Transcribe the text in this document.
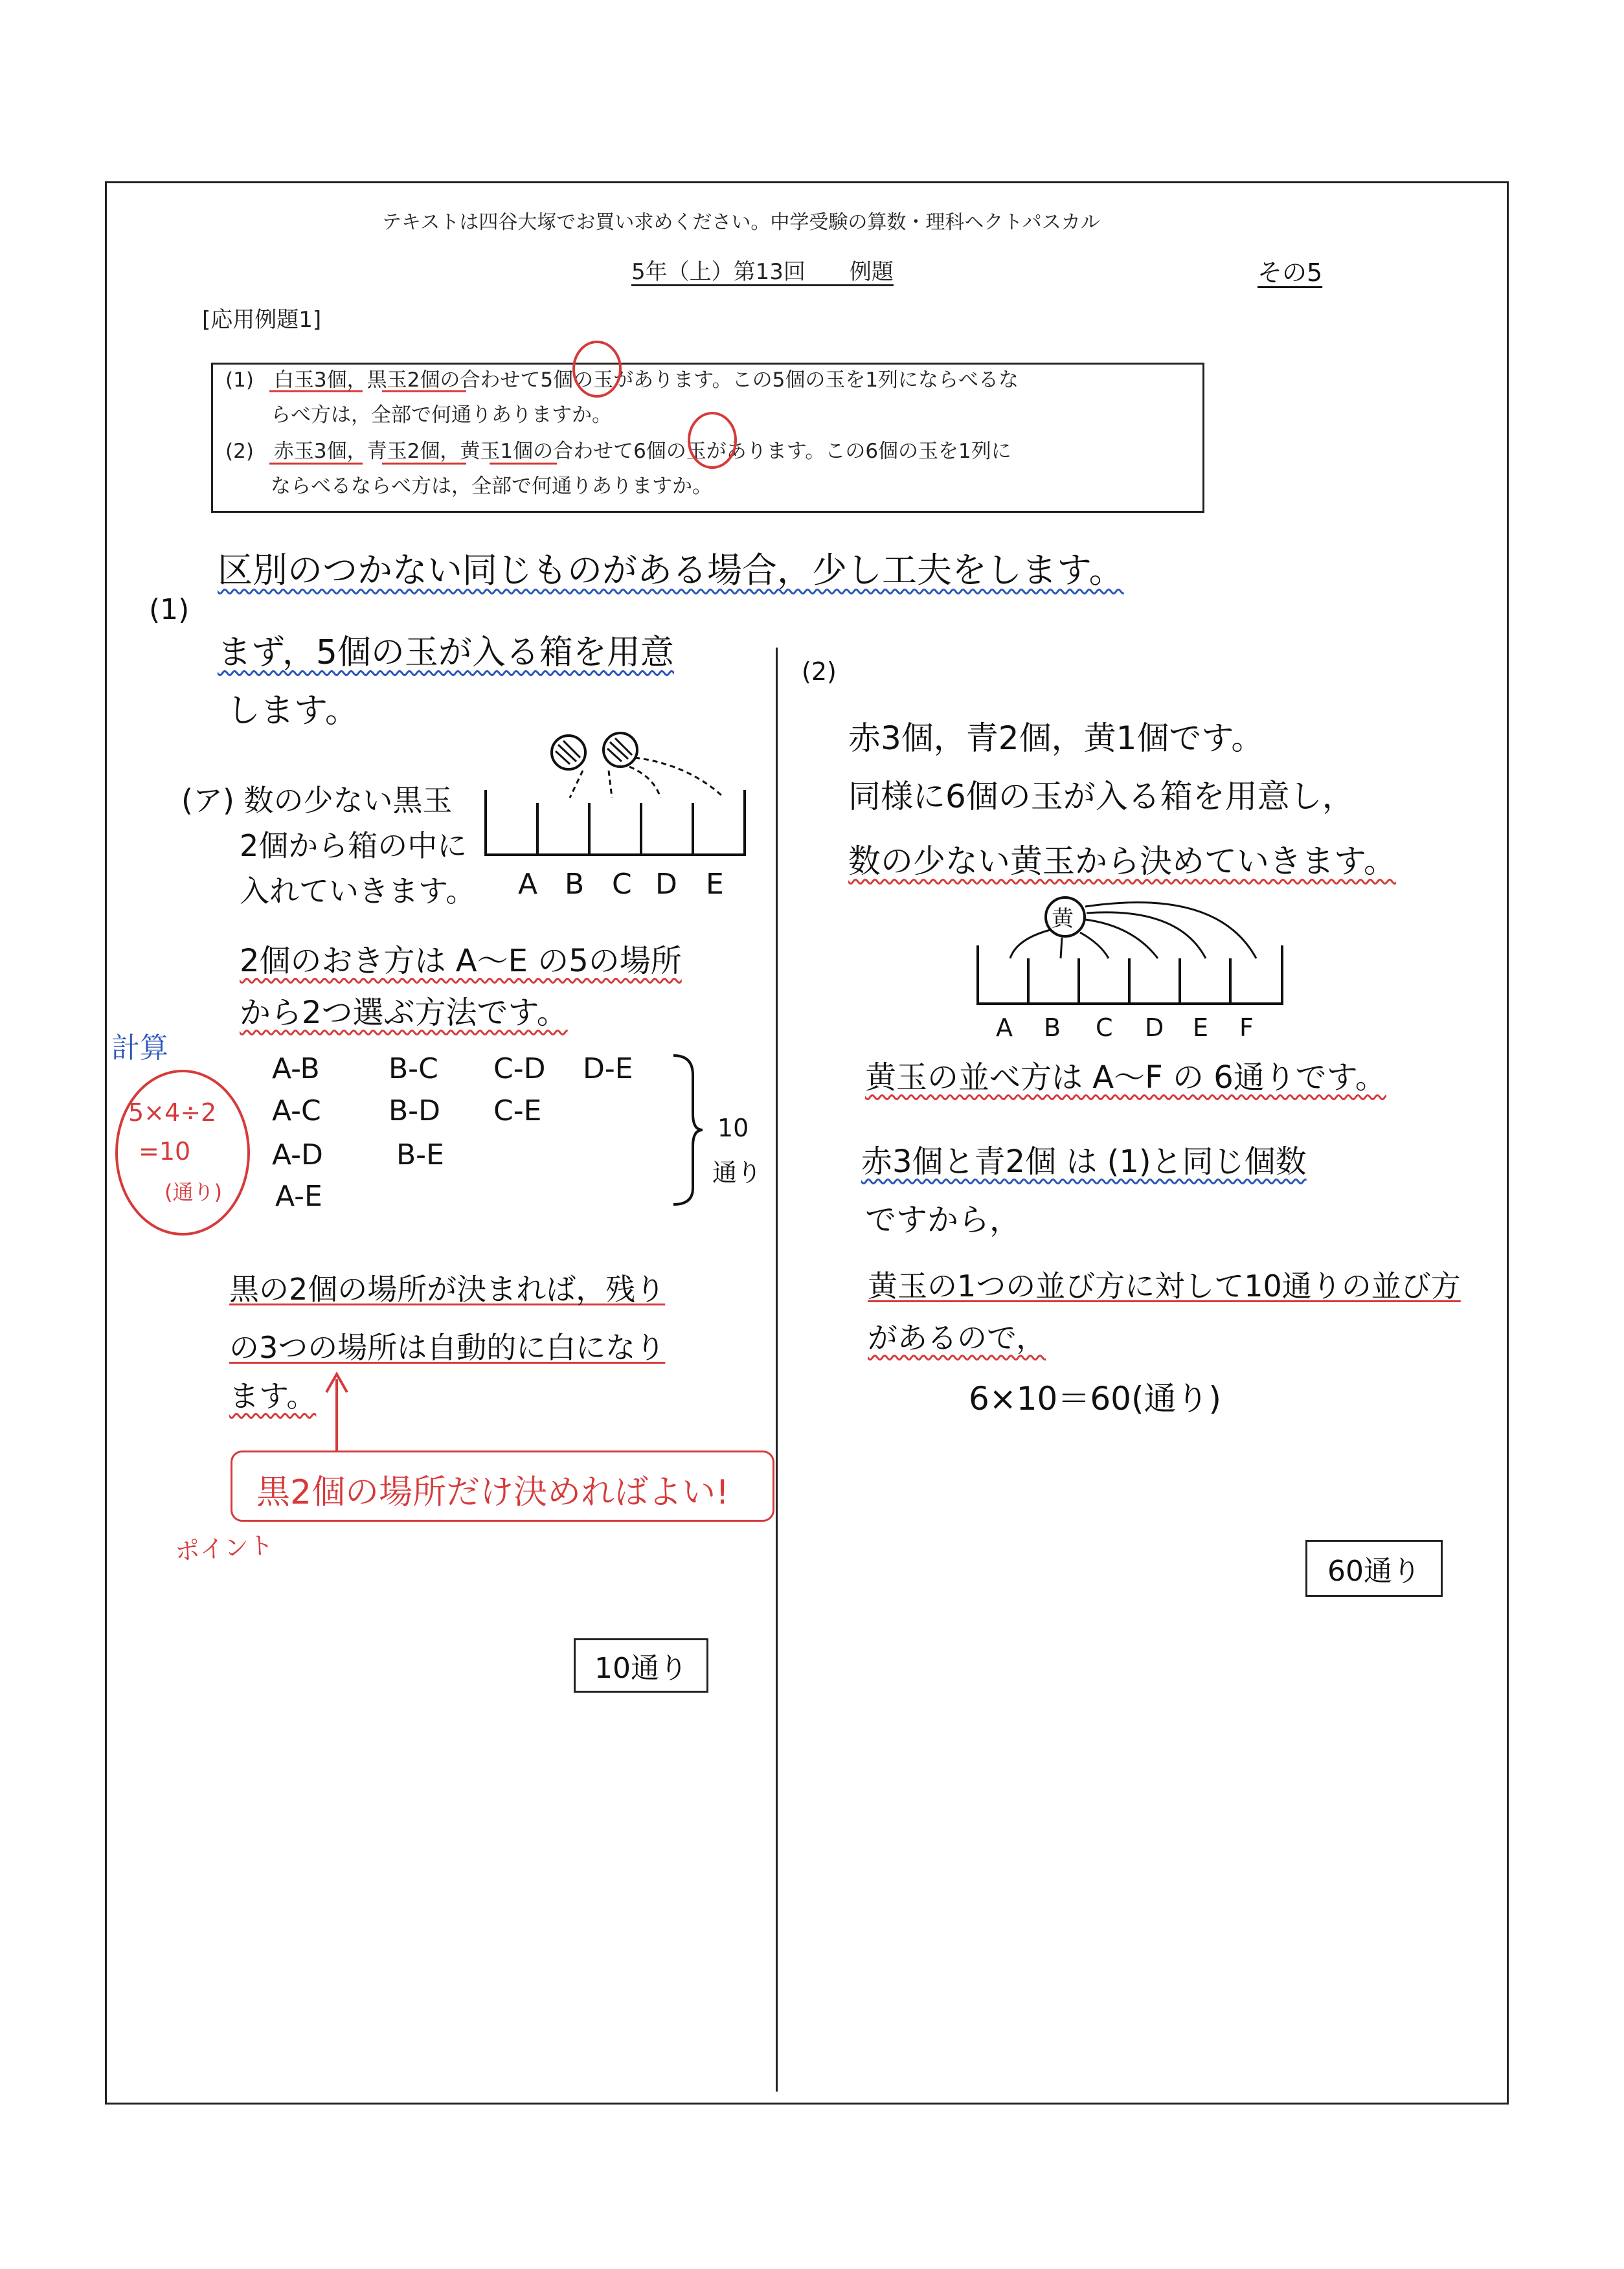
テキストは四谷大塚でお買い求めください。中学受験の算数・理科ヘクトパスカル
5年（上）第13回　　例題	その5
[応用例題1]
(1)　白玉3個，黒玉2個の合わせて5個の玉があります。この5個の玉を1列にならべるな
らべ方は，全部で何通りありますか。
(2)　赤玉3個，青玉2個，黄玉1個の合わせて6個の玉があります。この6個の玉を1列に
ならべるならべ方は，全部で何通りありますか。
区別のつかない同じものがある場合，少し工夫をします。
(1)
まず，5個の玉が入る箱を用意
します。
(ア) 数の少ない黒玉
2個から箱の中に
入れていきます。 A B C D E
2個のおき方は A〜E の5の場所
から2つ選ぶ方法です。
A-B B-C C-D D-E
A-C B-D C-E
A-D	B-E
A-E
10
通り
計算
5×4÷2
=10
(通り)
黒の2個の場所が決まれば，残り
の3つの場所は自動的に白になり
ます。
黒2個の場所だけ決めればよい!
ポイント
10通り
(2)
赤3個，青2個，黄1個です。
同様に6個の玉が入る箱を用意し，
数の少ない黄玉から決めていきます。
黄
A B C D E F
黄玉の並べ方は A〜F の 6通りです。
赤3個と青2個 は (1)と同じ個数
ですから，
黄玉の1つの並び方に対して10通りの並び方
があるので，
6×10＝60(通り)
60通り
